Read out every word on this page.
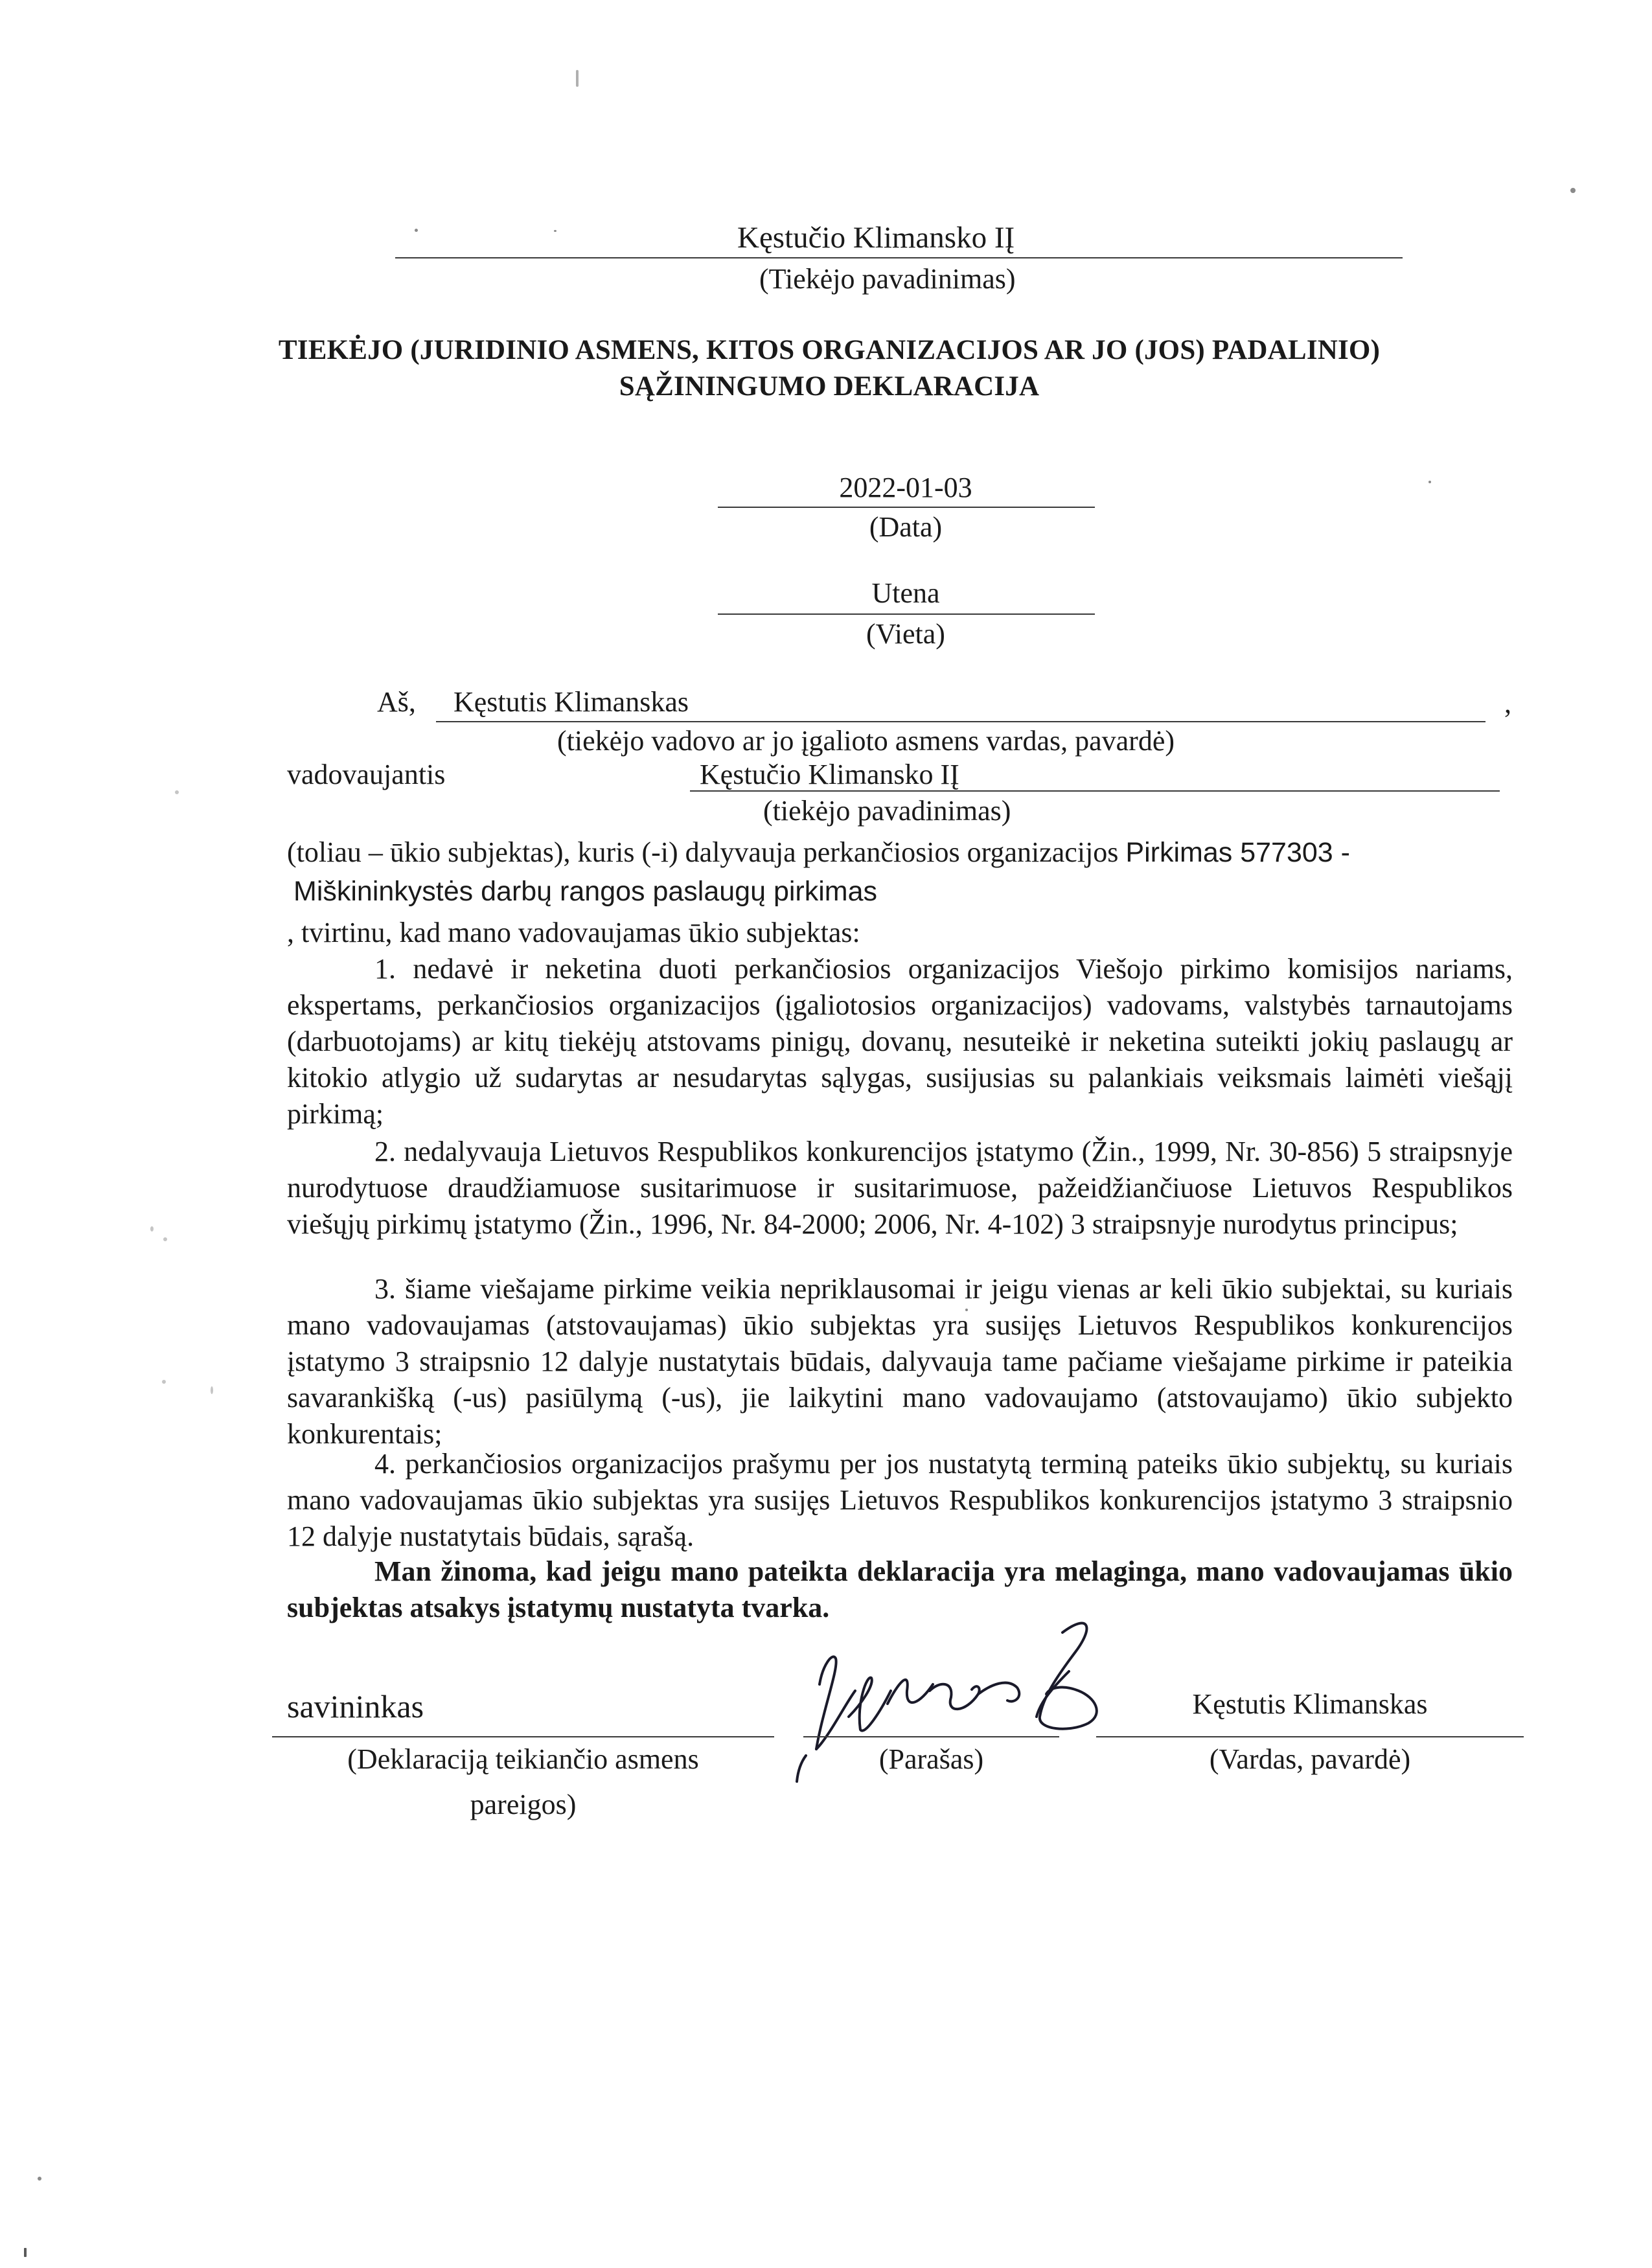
Kęstučio Klimansko IĮ
(Tiekėjo pavadinimas)
TIEKĖJO (JURIDINIO ASMENS, KITOS ORGANIZACIJOS AR JO (JOS) PADALINIO)
SĄŽININGUMO DEKLARACIJA
2022-01-03
(Data)
Utena
(Vieta)
Aš, Kęstutis Klimanskas	,
(tiekėjo vadovo ar jo įgalioto asmens vardas, pavardė)
vadovaujantis	Kęstučio Klimansko IĮ
(tiekėjo pavadinimas)
(toliau – ūkio subjektas), kuris (-i) dalyvauja perkančiosios organizacijos Pirkimas 577303 -
Miškininkystės darbų rangos paslaugų pirkimas
, tvirtinu, kad mano vadovaujamas ūkio subjektas:
1. nedavė ir neketina duoti perkančiosios organizacijos Viešojo pirkimo komisijos nariams, ekspertams, perkančiosios organizacijos (įgaliotosios organizacijos) vadovams, valstybės tarnautojams (darbuotojams) ar kitų tiekėjų atstovams pinigų, dovanų, nesuteikė ir neketina suteikti jokių paslaugų ar kitokio atlygio už sudarytas ar nesudarytas sąlygas, susijusias su palankiais veiksmais laimėti viešąjį pirkimą;
2. nedalyvauja Lietuvos Respublikos konkurencijos įstatymo (Žin., 1999, Nr. 30-856) 5 straipsnyje nurodytuose draudžiamuose susitarimuose ir susitarimuose, pažeidžiančiuose Lietuvos Respublikos viešųjų pirkimų įstatymo (Žin., 1996, Nr. 84-2000; 2006, Nr. 4-102) 3 straipsnyje nurodytus principus;
3. šiame viešajame pirkime veikia nepriklausomai ir jeigu vienas ar keli ūkio subjektai, su kuriais mano vadovaujamas (atstovaujamas) ūkio subjektas yra susijęs Lietuvos Respublikos konkurencijos įstatymo 3 straipsnio 12 dalyje nustatytais būdais, dalyvauja tame pačiame viešajame pirkime ir pateikia savarankišką (-us) pasiūlymą (-us), jie laikytini mano vadovaujamo (atstovaujamo) ūkio subjekto konkurentais;
4. perkančiosios organizacijos prašymu per jos nustatytą terminą pateiks ūkio subjektų, su kuriais mano vadovaujamas ūkio subjektas yra susijęs Lietuvos Respublikos konkurencijos įstatymo 3 straipsnio 12 dalyje nustatytais būdais, sąrašą.
Man žinoma, kad jeigu mano pateikta deklaracija yra melaginga, mano vadovaujamas ūkio subjektas atsakys įstatymų nustatyta tvarka.
savininkas
(Deklaraciją teikiančio asmens
pareigos)
(Parašas)
Kęstutis Klimanskas
(Vardas, pavardė)
